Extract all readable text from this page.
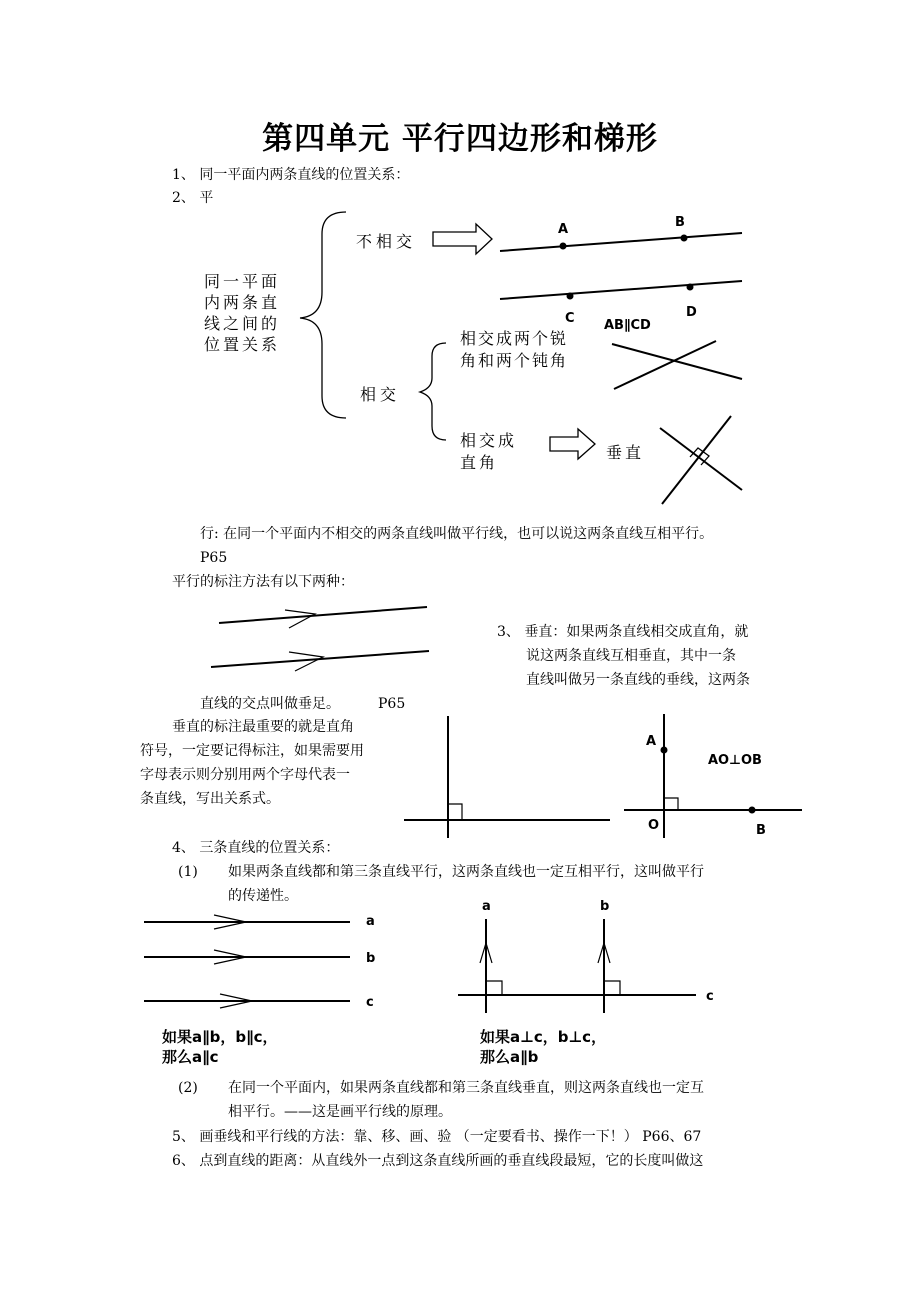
第四单元 平行四边形和梯形
1、 同一平面内两条直线的位置关系：
2、 平
同一平面
内两条直
线之间的
位置关系
不相交
相交
相交成两个锐
角和两个钝角
相交成
直角
垂直
A	B
C	D
AB∥CD
行: 在同一个平面内不相交的两条直线叫做平行线，也可以说这两条直线互相平行。
P65
平行的标注方法有以下两种：
3、 垂直：如果两条直线相交成直角，就
说这两条直线互相垂直，其中一条
直线叫做另一条直线的垂线，这两条
直线的交点叫做垂足。	P65
垂直的标注最重要的就是直角
符号，一定要记得标注，如果需要用
字母表示则分别用两个字母代表一
条直线，写出关系式。
A
O	B
AO⊥OB
4、 三条直线的位置关系：
(1) 如果两条直线都和第三条直线平行，这两条直线也一定互相平行，这叫做平行
的传递性。
a
b
c
a	b
c
如果a∥b，b∥c，
那么a∥c
如果a⊥c，b⊥c，
那么a∥b
(2) 在同一个平面内，如果两条直线都和第三条直线垂直，则这两条直线也一定互
相平行。——这是画平行线的原理。
5、 画垂线和平行线的方法：靠、移、画、验 （一定要看书、操作一下！） P66、67
6、 点到直线的距离：从直线外一点到这条直线所画的垂直线段最短，它的长度叫做这
